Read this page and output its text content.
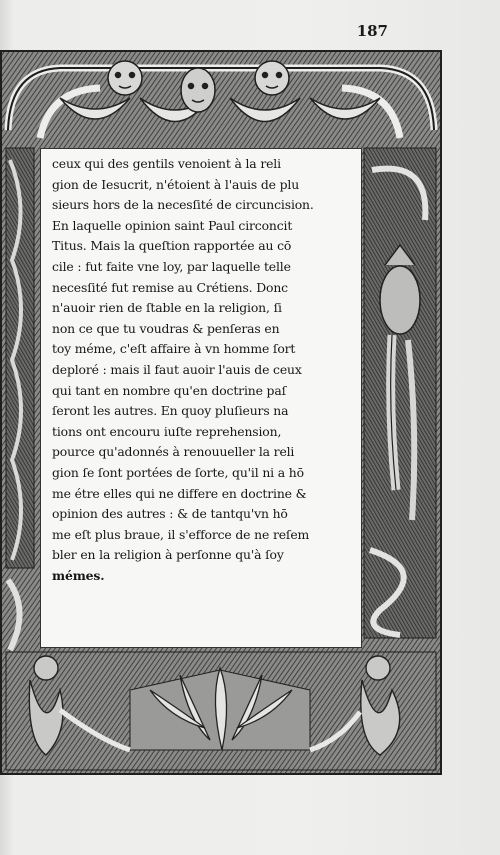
187

ceux qui des gentils venoient à la reli

gion de Iesucrit, n'étoient à l'auis de plu

sieurs hors de la necesſité de circuncision.

En laquelle opinion saint Paul circoncit

Titus. Mais la queſtion rapportée au cō

cile : fut faite vne loy, par laquelle telle

necesſité fut remise au Crétiens. Donc

n'auoir rien de ſtable en la religion, ſi

non ce que tu voudras & penſeras en

toy méme, c'eſt affaire à vn homme ſort

deploré : mais il faut auoir l'auis de ceux

qui tant en nombre qu'en doctrine paſ

ſeront les autres. En quoy pluſieurs na

tions ont encouru iuſte reprehension,

pource qu'adonnés à renouueller la reli

gion ſe ſont portées de ſorte, qu'il ni a hō

me étre elles qui ne differe en doctrine &

opinion des autres : & de tantqu'vn hō

me eſt plus braue, il s'efforce de ne reſem

bler en la religion à perſonne qu'à ſoy

mémes.
